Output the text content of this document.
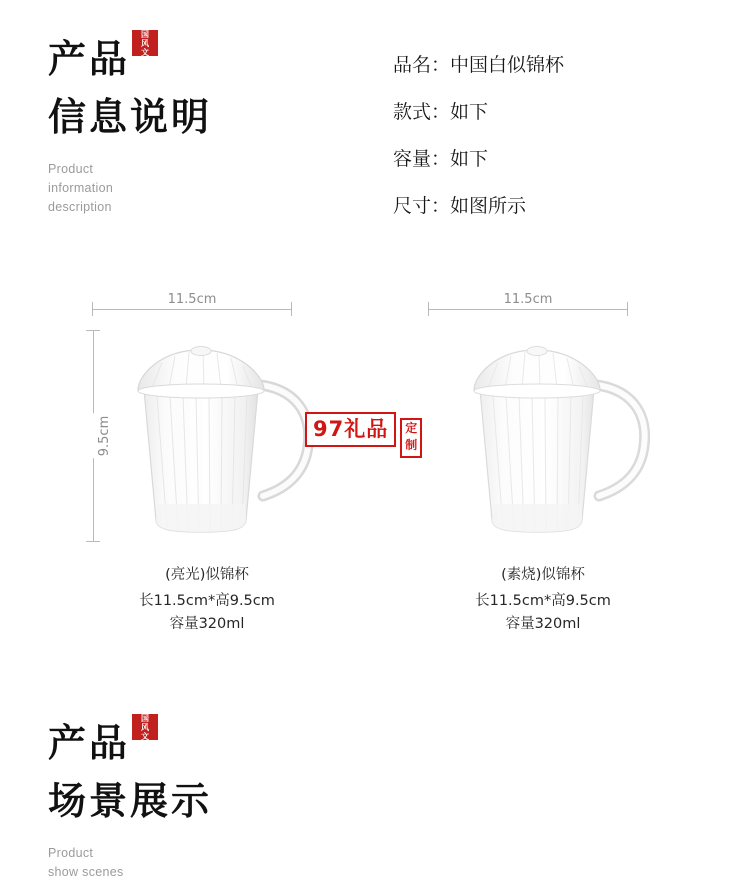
产品
国
风
文
信息说明
Product
information
description
品名：中国白似锦杯
款式：如下
容量：如下
尺寸：如图所示
11.5cm
9.5cm
(亮光)似锦杯
长11.5cm*高9.5cm
容量320ml
11.5cm
(素烧)似锦杯
长11.5cm*高9.5cm
容量320ml
97礼品	定
制
产品
国
风
文
场景展示
Product
show scenes
